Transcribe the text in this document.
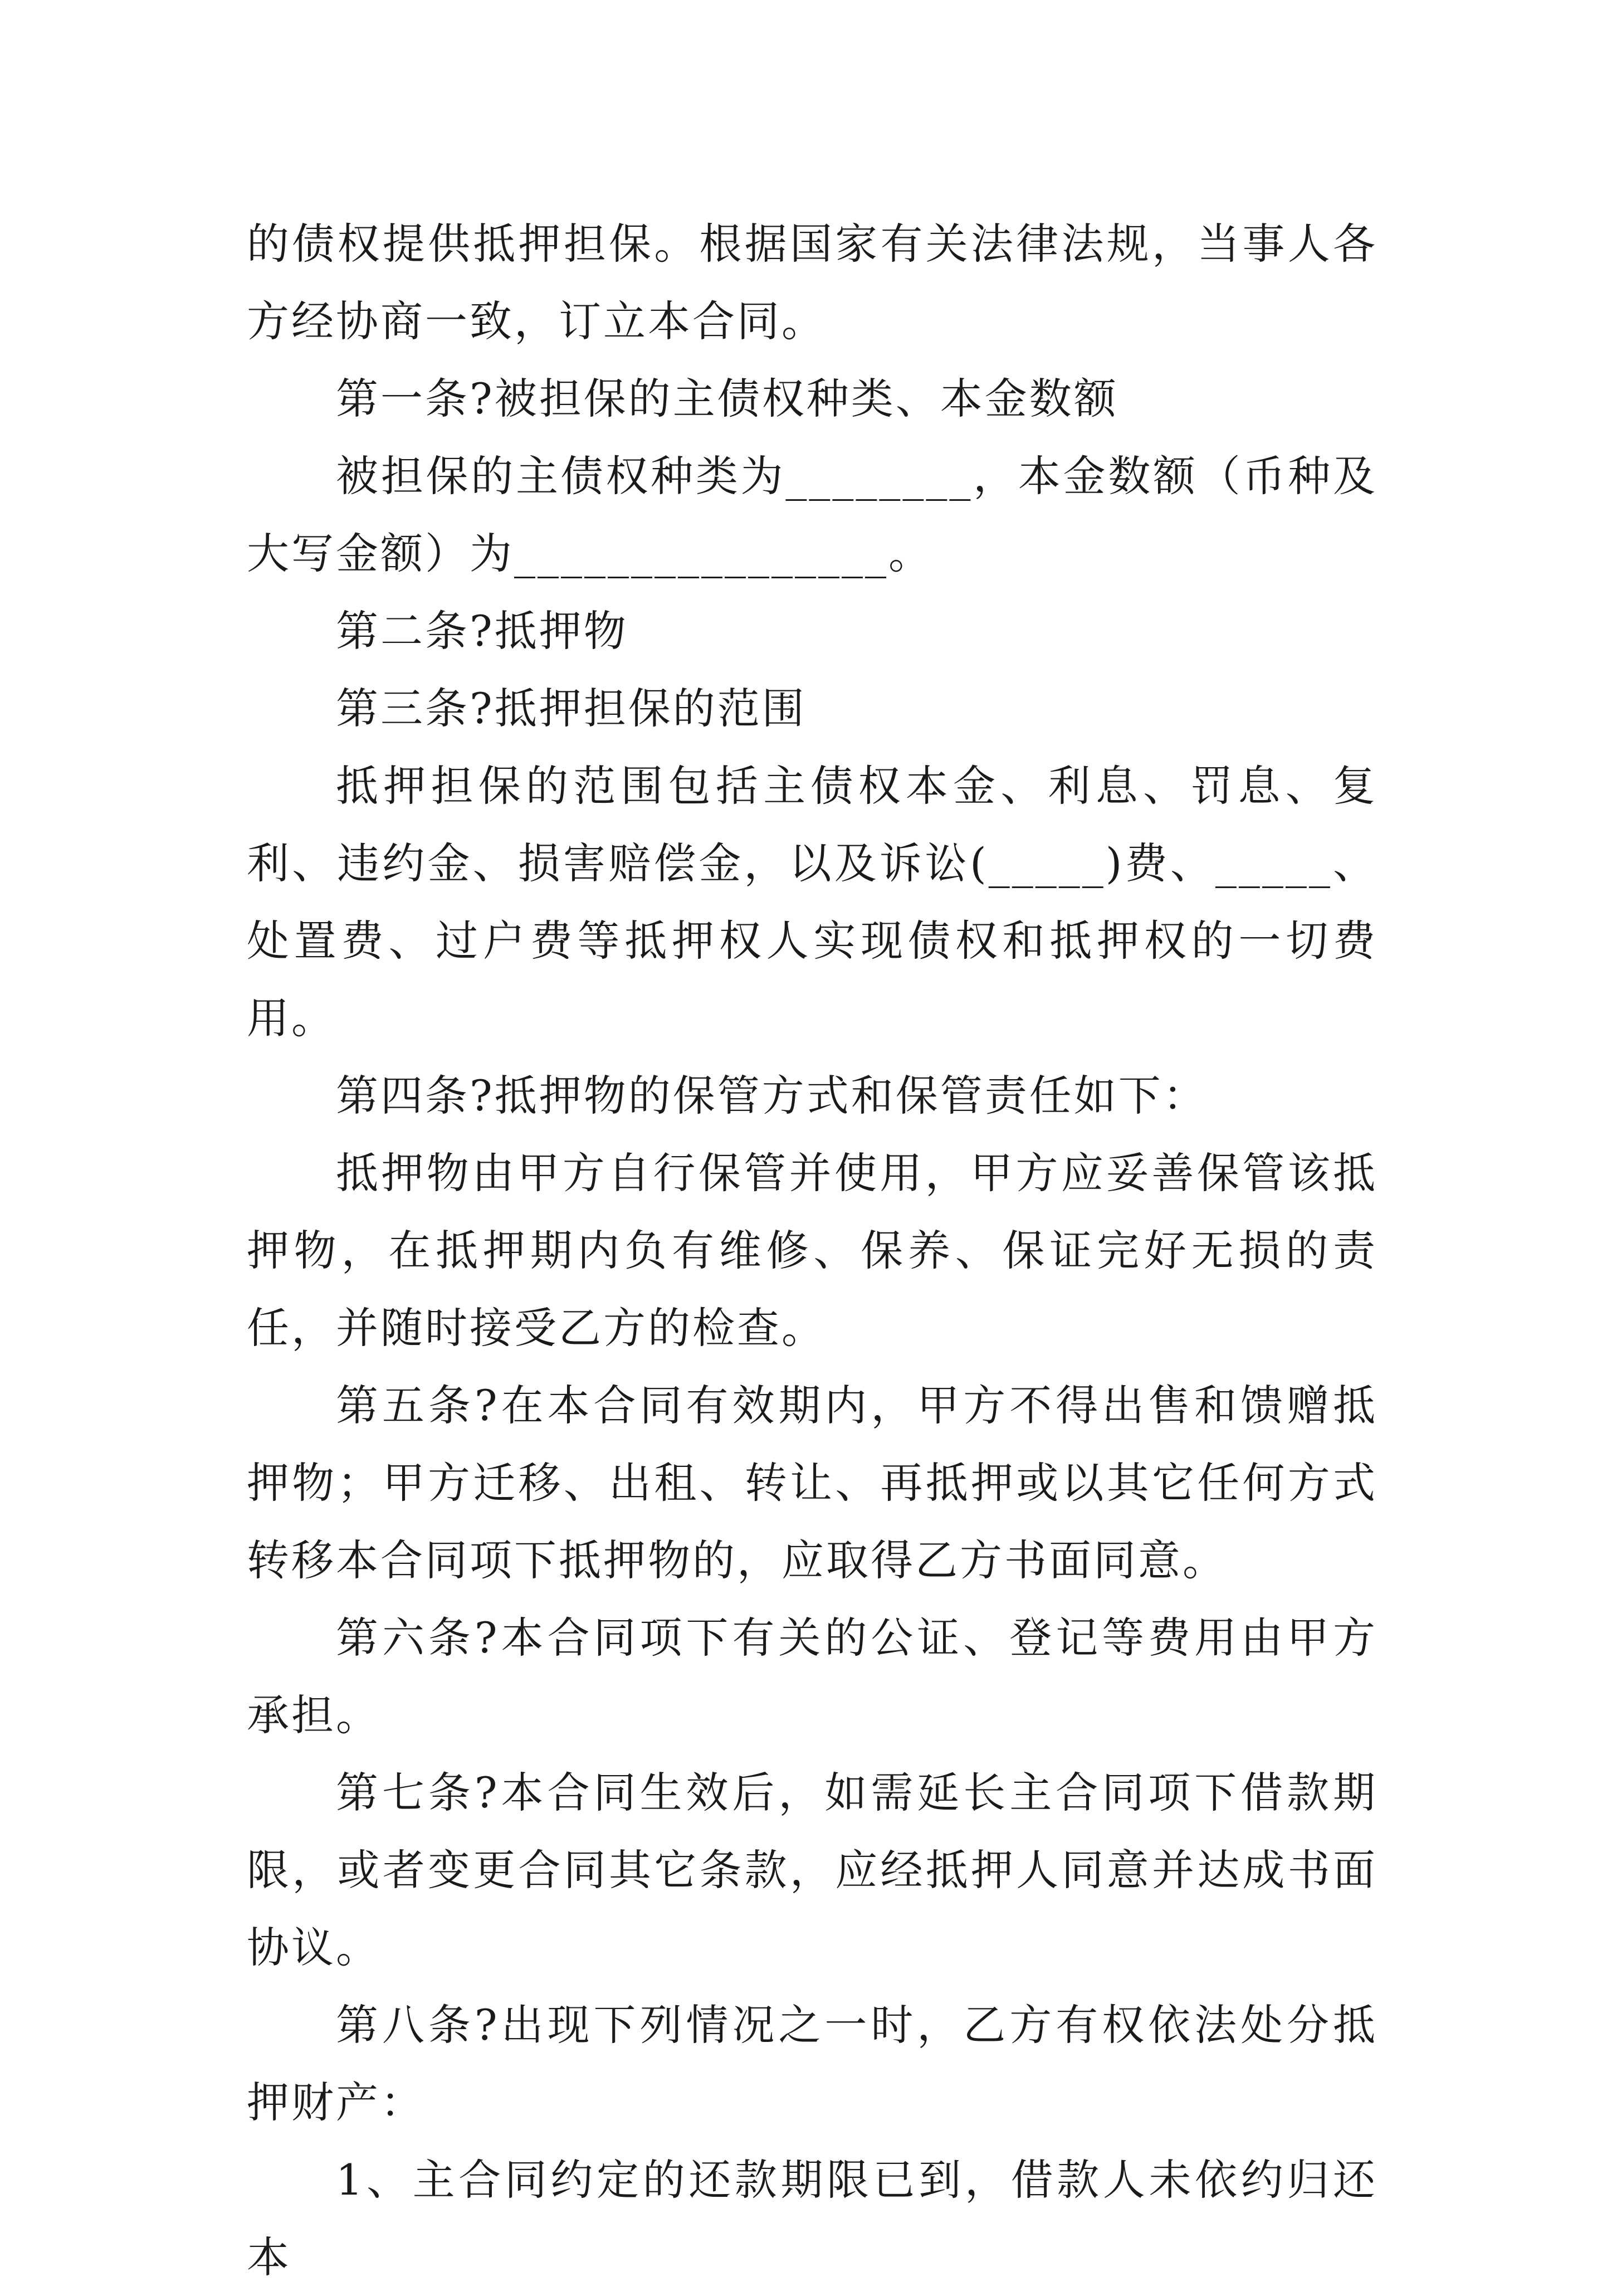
的债权提供抵押担保。根据国家有关法律法规，当事人各方经协商一致，订立本合同。

第一条?被担保的主债权种类、本金数额

被担保的主债权种类为________，本金数额（币种及大写金额）为________________。

第二条?抵押物

第三条?抵押担保的范围

抵押担保的范围包括主债权本金、利息、罚息、复利、违约金、损害赔偿金，以及诉讼(_____)费、_____、处置费、过户费等抵押权人实现债权和抵押权的一切费用。

第四条?抵押物的保管方式和保管责任如下：

抵押物由甲方自行保管并使用，甲方应妥善保管该抵押物，在抵押期内负有维修、保养、保证完好无损的责任，并随时接受乙方的检查。

第五条?在本合同有效期内，甲方不得出售和馈赠抵押物；甲方迁移、出租、转让、再抵押或以其它任何方式转移本合同项下抵押物的，应取得乙方书面同意。

第六条?本合同项下有关的公证、登记等费用由甲方承担。

第七条?本合同生效后，如需延长主合同项下借款期限，或者变更合同其它条款，应经抵押人同意并达成书面协议。

第八条?出现下列情况之一时，乙方有权依法处分抵押财产：

1、主合同约定的还款期限已到，借款人未依约归还本
